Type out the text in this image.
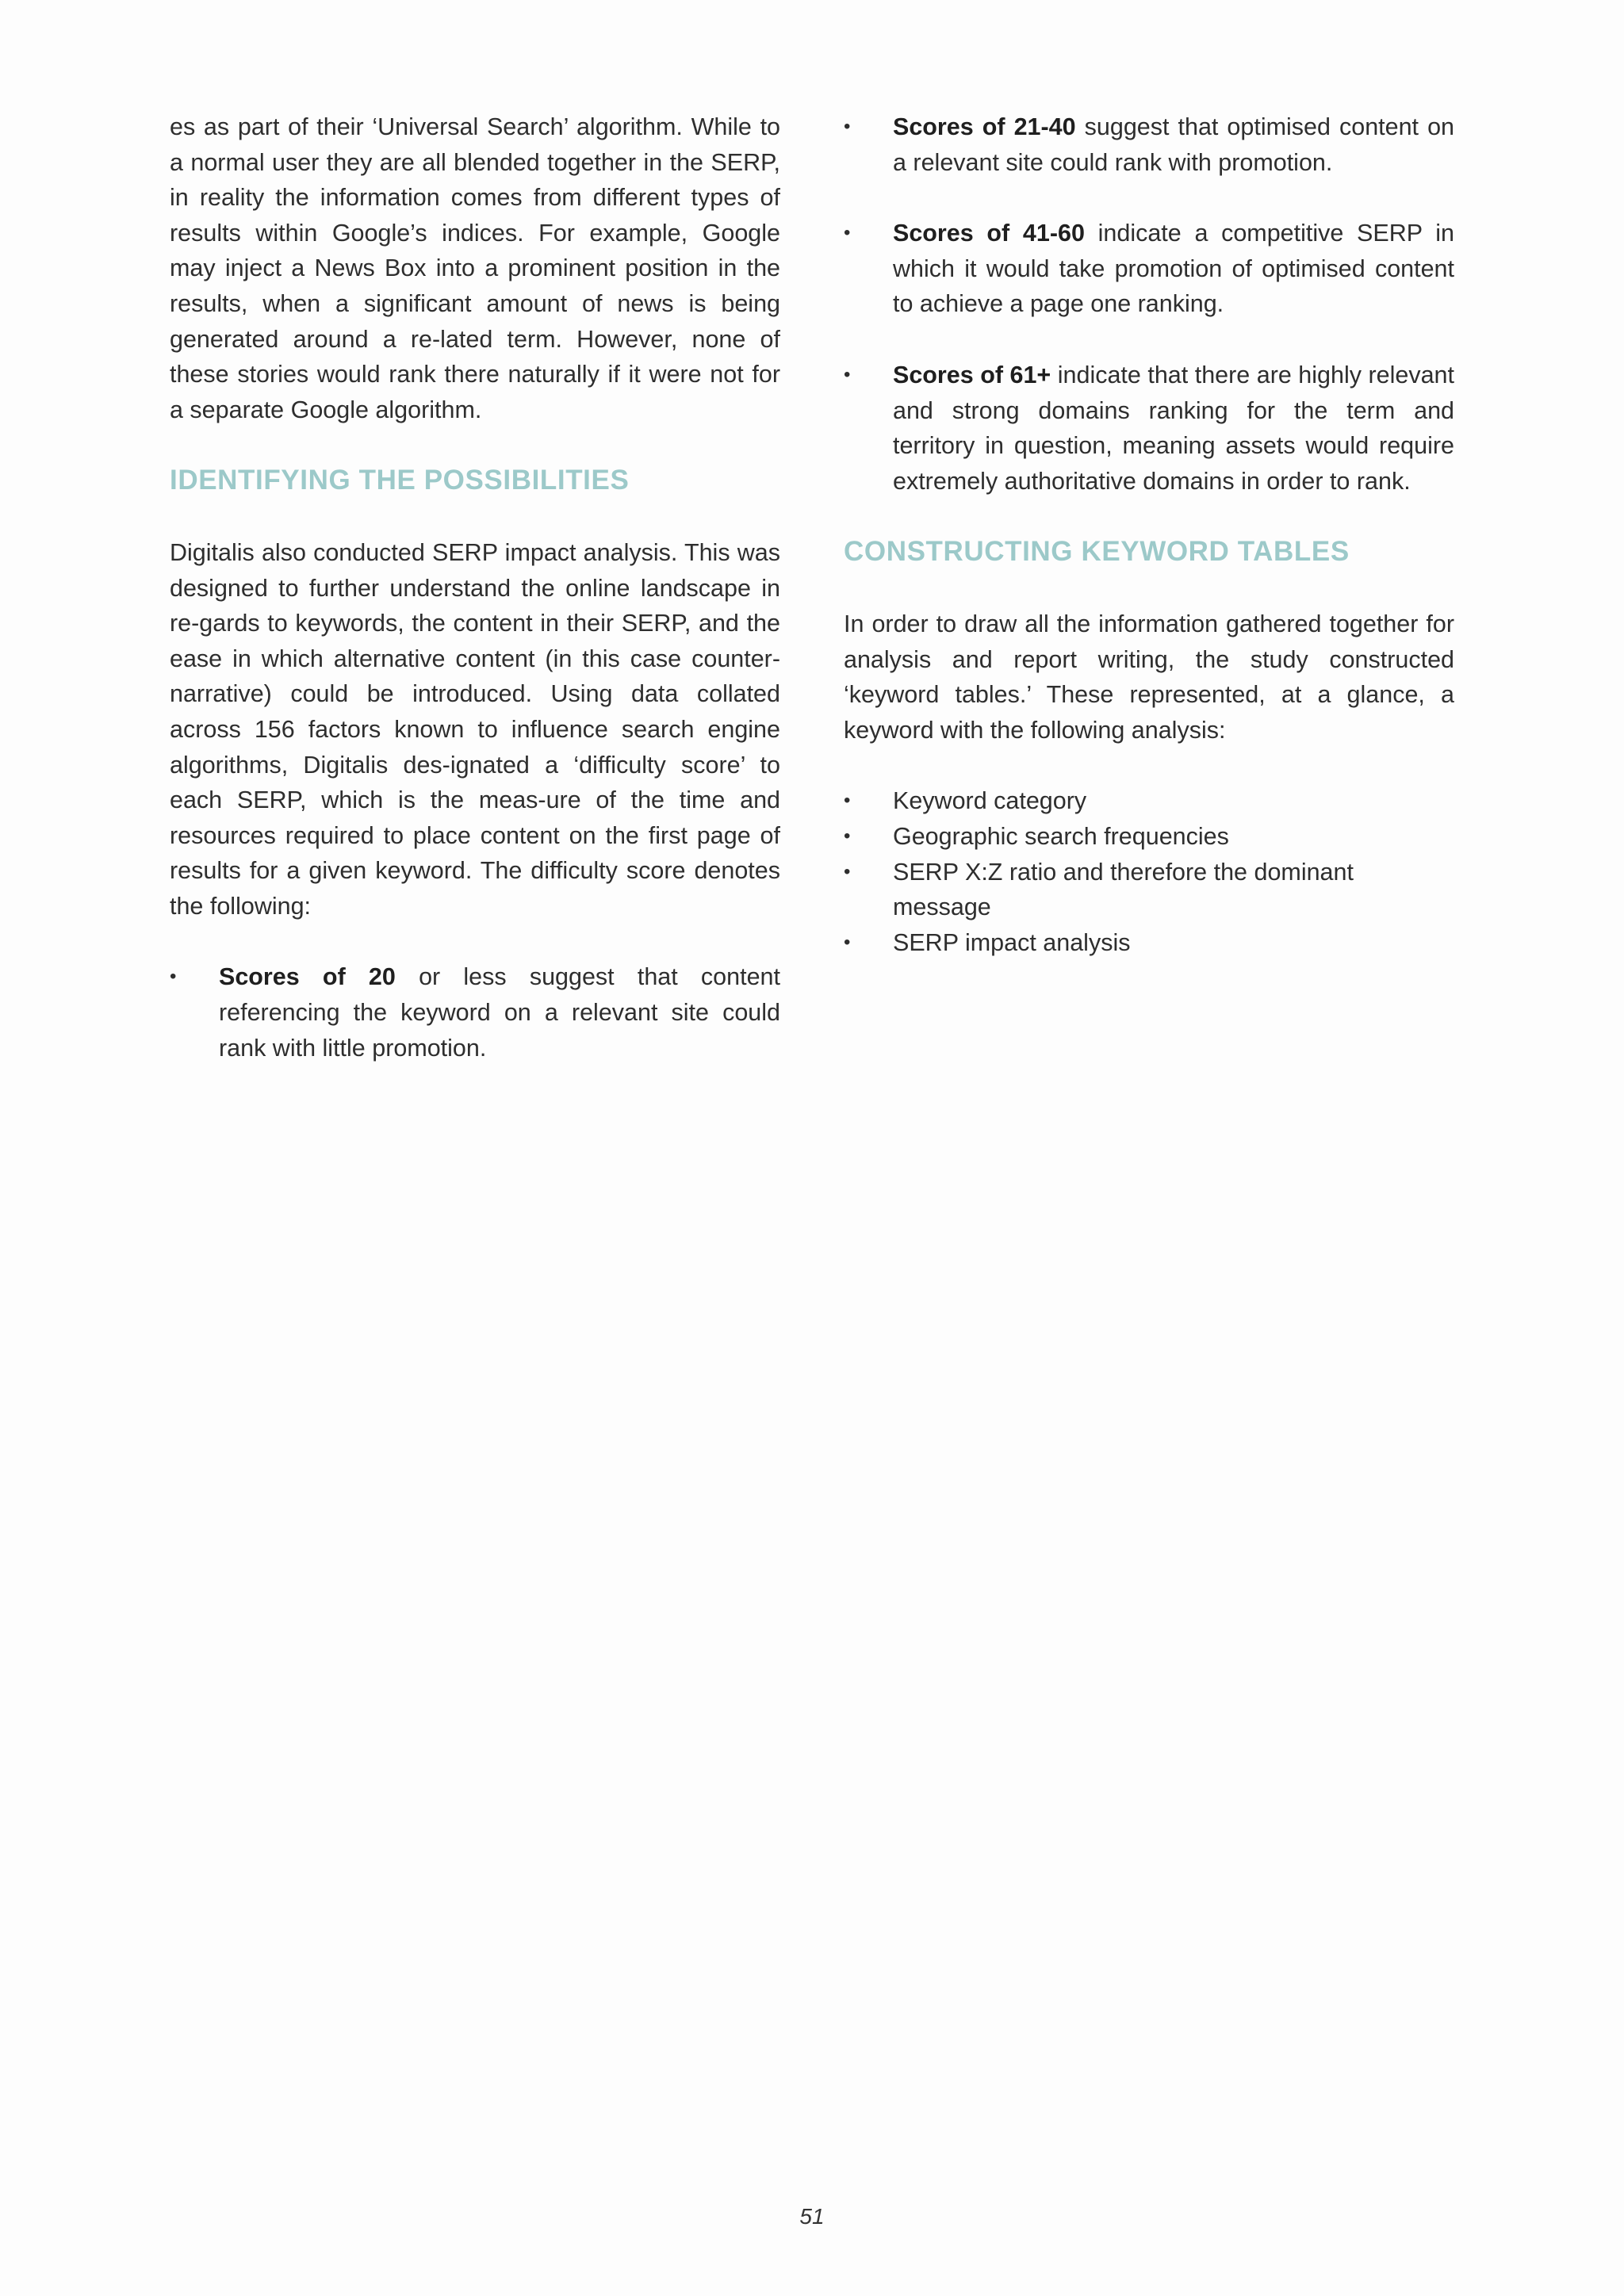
es as part of their ‘Universal Search’ algorithm. While to a normal user they are all blended together in the SERP, in reality the information comes from different types of results within Google’s indices. For example, Google may inject a News Box into a prominent position in the results, when a significant amount of news is being generated around a re-lated term. However, none of these stories would rank there naturally if it were not for a separate Google algorithm.

IDENTIFYING THE POSSIBILITIES

Digitalis also conducted SERP impact analysis. This was designed to further understand the online landscape in re-gards to keywords, the content in their SERP, and the ease in which alternative content (in this case counter-narrative) could be introduced. Using data collated across 156 factors known to influence search engine algorithms, Digitalis des-ignated a ‘difficulty score’ to each SERP, which is the meas-ure of the time and resources required to place content on the first page of results for a given keyword. The difficulty score denotes the following:

•	Scores of 20 or less suggest that content referencing the keyword on a relevant site could rank with little promotion.
•	Scores of 21-40 suggest that optimised content on a relevant site could rank with promotion.
•	Scores of 41-60 indicate a competitive SERP in which it would take promotion of optimised content to achieve a page one ranking.
•	Scores of 61+ indicate that there are highly relevant and strong domains ranking for the term and territory in question, meaning assets would require extremely authoritative domains in order to rank.
CONSTRUCTING KEYWORD TABLES

In order to draw all the information gathered together for analysis and report writing, the study constructed ‘keyword tables.’ These represented, at a glance, a keyword with the following analysis:

•	Keyword category
•	Geographic search frequencies
•	SERP X:Z ratio and therefore the dominant message
•	SERP impact analysis
51
